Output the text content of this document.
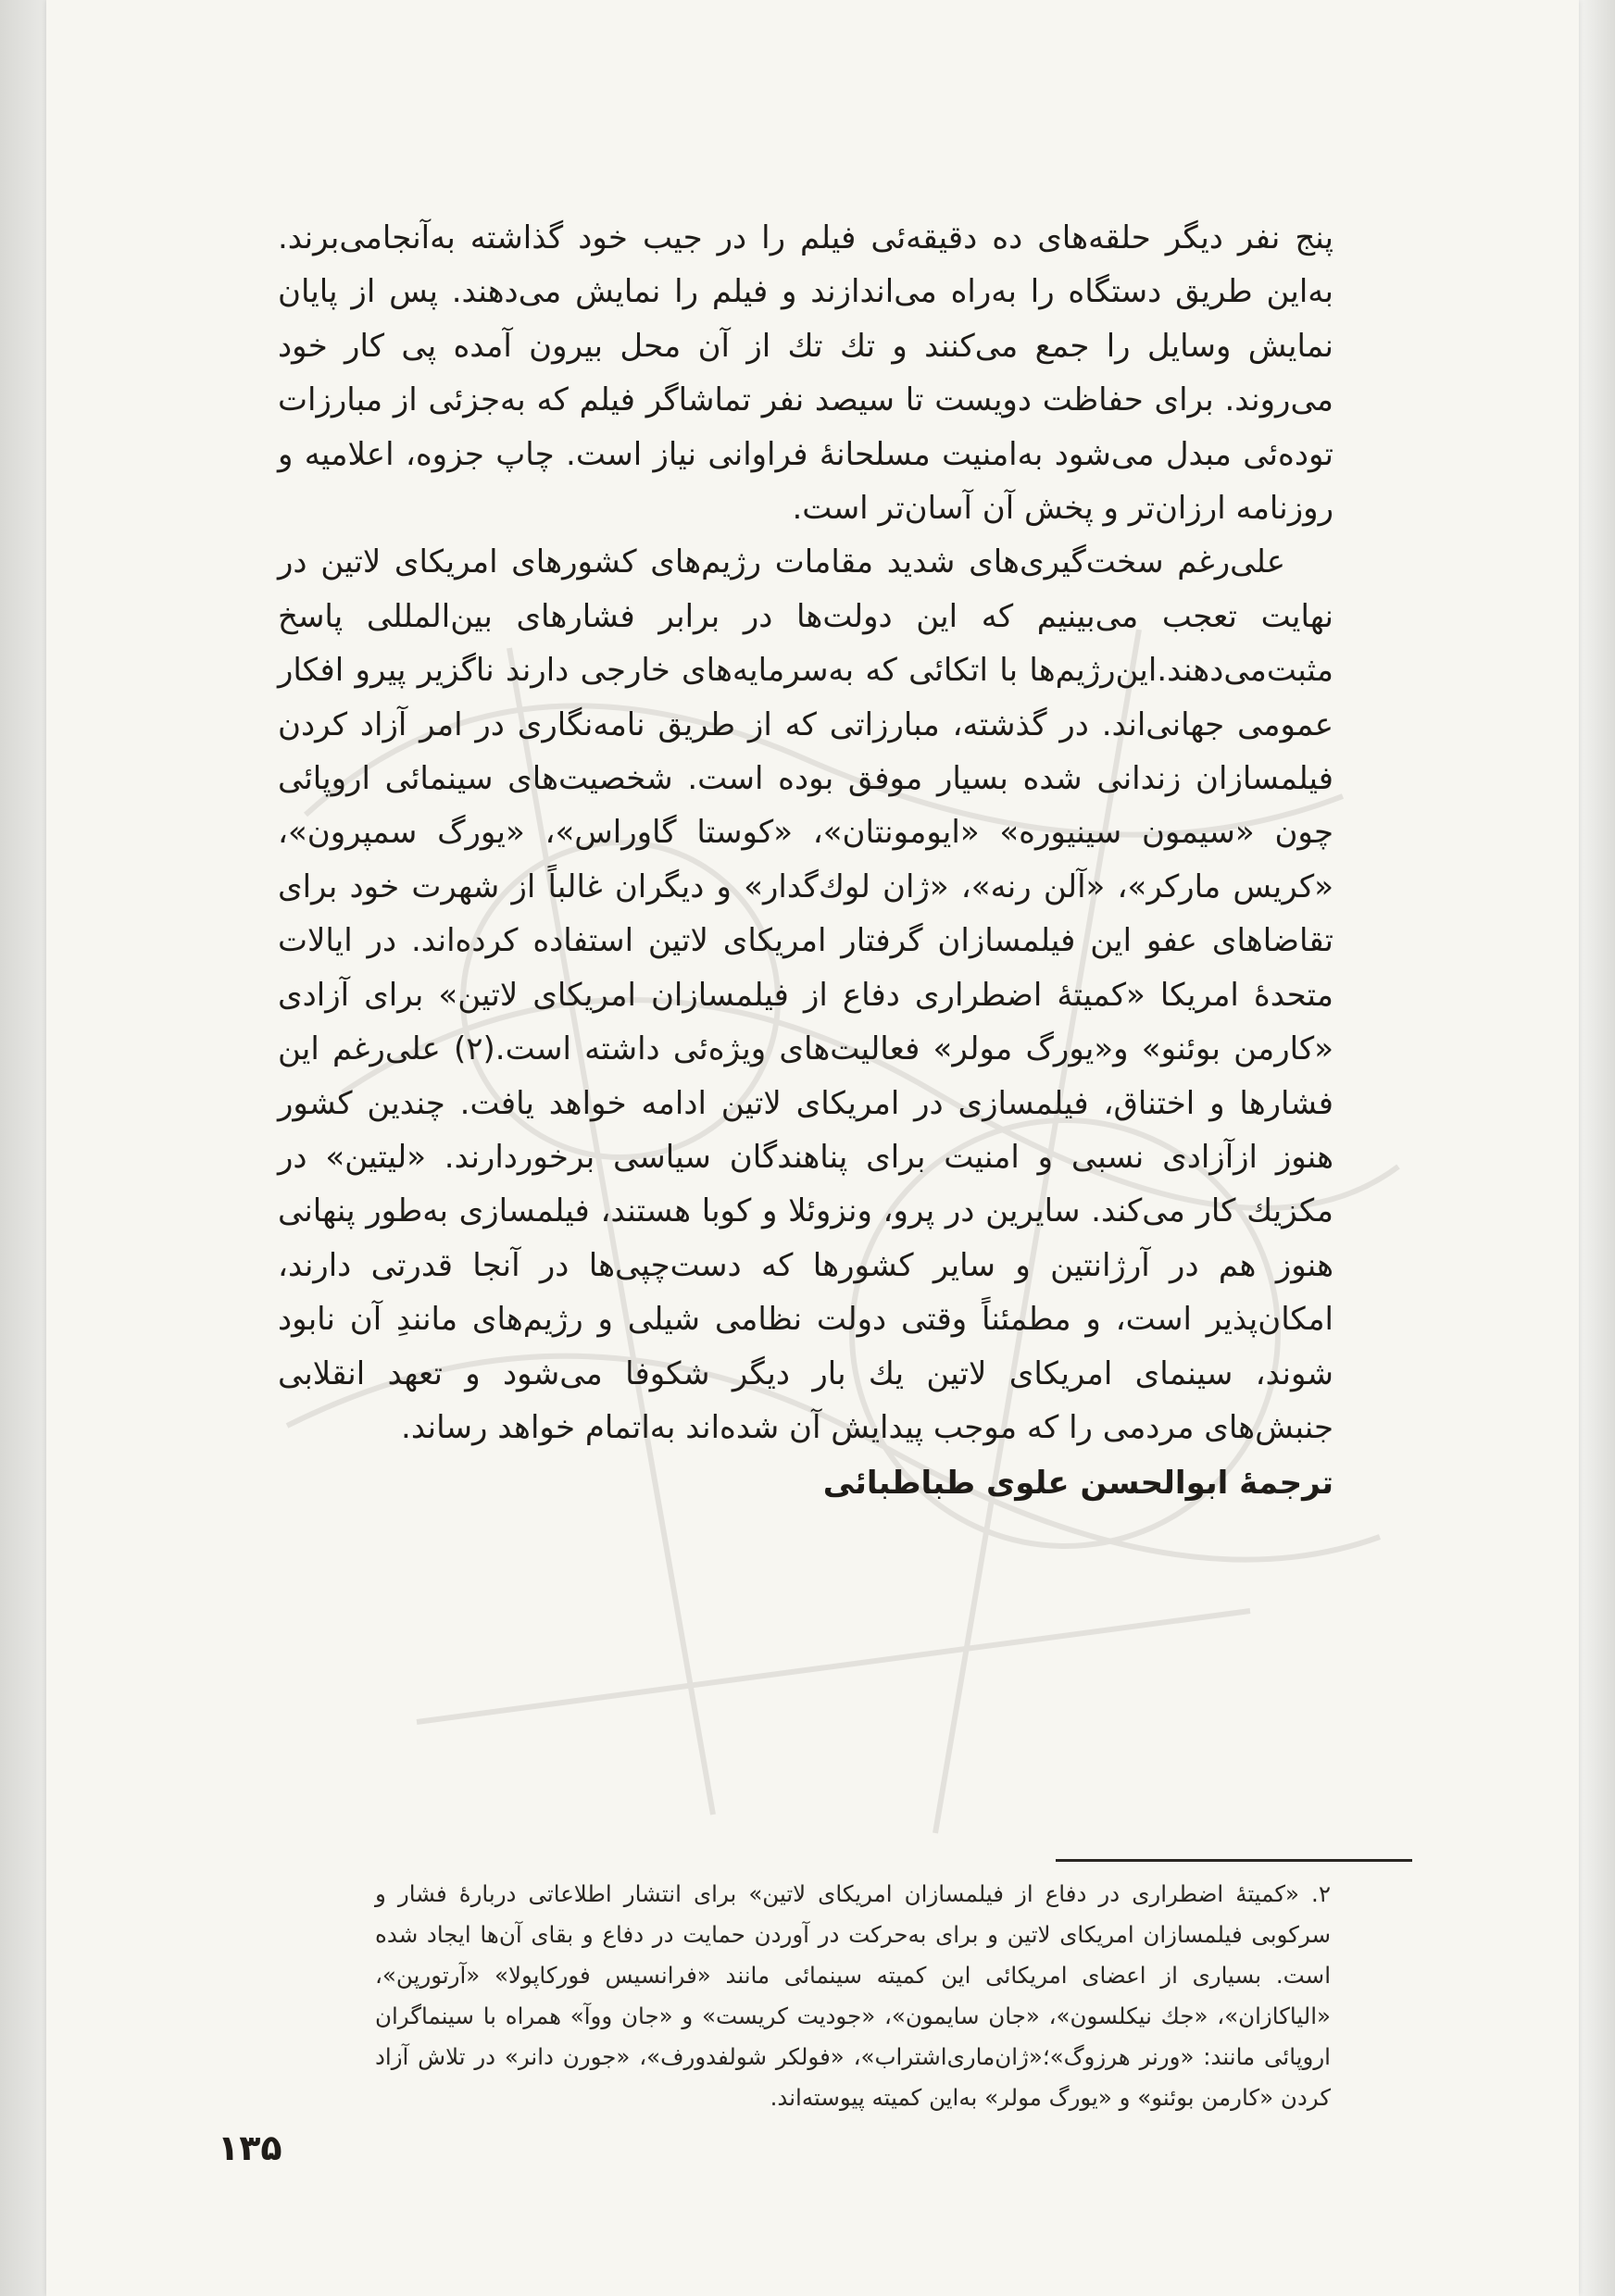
پنج نفر دیگر حلقه‌های ده دقیقه‌ئی فیلم را در جیب خود گذاشته به‌آنجامی‌برند. به‌این طریق دستگاه را به‌راه می‌اندازند و فیلم را نمایش می‌دهند. پس از پایان نمایش وسایل را جمع می‌کنند و تك تك از آن محل بیرون آمده پی کار خود می‌روند. برای حفاظت دویست تا سیصد نفر تماشاگر فیلم که به‌جزئی از مبارزات توده‌ئی مبدل می‌شود به‌امنیت مسلحانهٔ فراوانی نیاز است. چاپ جزوه، اعلامیه و روزنامه ارزان‌تر و پخش آن آسان‌تر است.

علی‌رغم سخت‌گیری‌های شدید مقامات رژیم‌های کشورهای امریکای لاتین در نهایت تعجب می‌بینیم که این دولت‌ها در برابر فشارهای بین‌المللی پاسخ مثبت‌می‌دهند.این‌رژیم‌ها با اتکائی که به‌سرمایه‌های خارجی دارند ناگزیر پیرو افکار عمومی جهانی‌اند. در گذشته، مبارزاتی که از طریق نامه‌نگاری در امر آزاد کردن فیلمسازان زندانی شده بسیار موفق بوده است. شخصیت‌های سینمائی اروپائی چون «سیمون سینیوره» «ایومونتان»، «کوستا گاوراس»، «یورگ سمپرون»، «کریس مارکر»، «آلن رنه»، «ژان لوك‌گدار» و دیگران غالباً از شهرت خود برای تقاضاهای عفو این فیلمسازان گرفتار امریکای لاتین استفاده کرده‌اند. در ایالات متحدهٔ امریکا «کمیتهٔ اضطراری دفاع از فیلمسازان امریکای لاتین» برای آزادی «کارمن بوئنو» و«یورگ مولر» فعالیت‌های ویژه‌ئی داشته است.(۲) علی‌رغم این فشارها و اختناق، فیلمسازی در امریکای لاتین ادامه خواهد یافت. چندین کشور هنوز ازآزادی نسبی و امنیت برای پناهندگان سیاسی برخوردارند. «لیتین» در مکزیك کار می‌کند. سایرین در پرو، ونزوئلا و کوبا هستند، فیلمسازی به‌طور پنهانی هنوز هم در آرژانتین و سایر کشورها که دست‌چپی‌ها در آنجا قدرتی دارند، امکان‌پذیر است، و مطمئناً وقتی دولت نظامی شیلی و رژیم‌های مانندِ آن نابود شوند، سینمای امریکای لاتین یك بار دیگر شکوفا می‌شود و تعهد انقلابی جنبش‌های مردمی را که موجب پیدایش آن شده‌اند به‌اتمام خواهد رساند.

ترجمهٔ ابوالحسن علوی طباطبائی

۲. «کمیتهٔ اضطراری در دفاع از فیلمسازان امریکای لاتین» برای انتشار اطلاعاتی دربارهٔ فشار و سرکوبی فیلمسازان امریکای لاتین و برای به‌حرکت در آوردن حمایت در دفاع و بقای آن‌ها ایجاد شده است. بسیاری از اعضای امریکائی این کمیته سینمائی مانند «فرانسیس فورکاپولا» «آرتورپن»، «الیاکازان»، «جك نیکلسون»، «جان سایمون»، «جودیت کریست» و «جان ووآ» همراه با سینماگران اروپائی مانند: «ورنر هرزوگ»؛«ژان‌ماری‌اشتراب»، «فولکر شولفدورف»، «جورن دانر» در تلاش آزاد کردن «کارمن بوئنو» و «یورگ مولر» به‌این کمیته پیوسته‌اند.

۱۳۵
